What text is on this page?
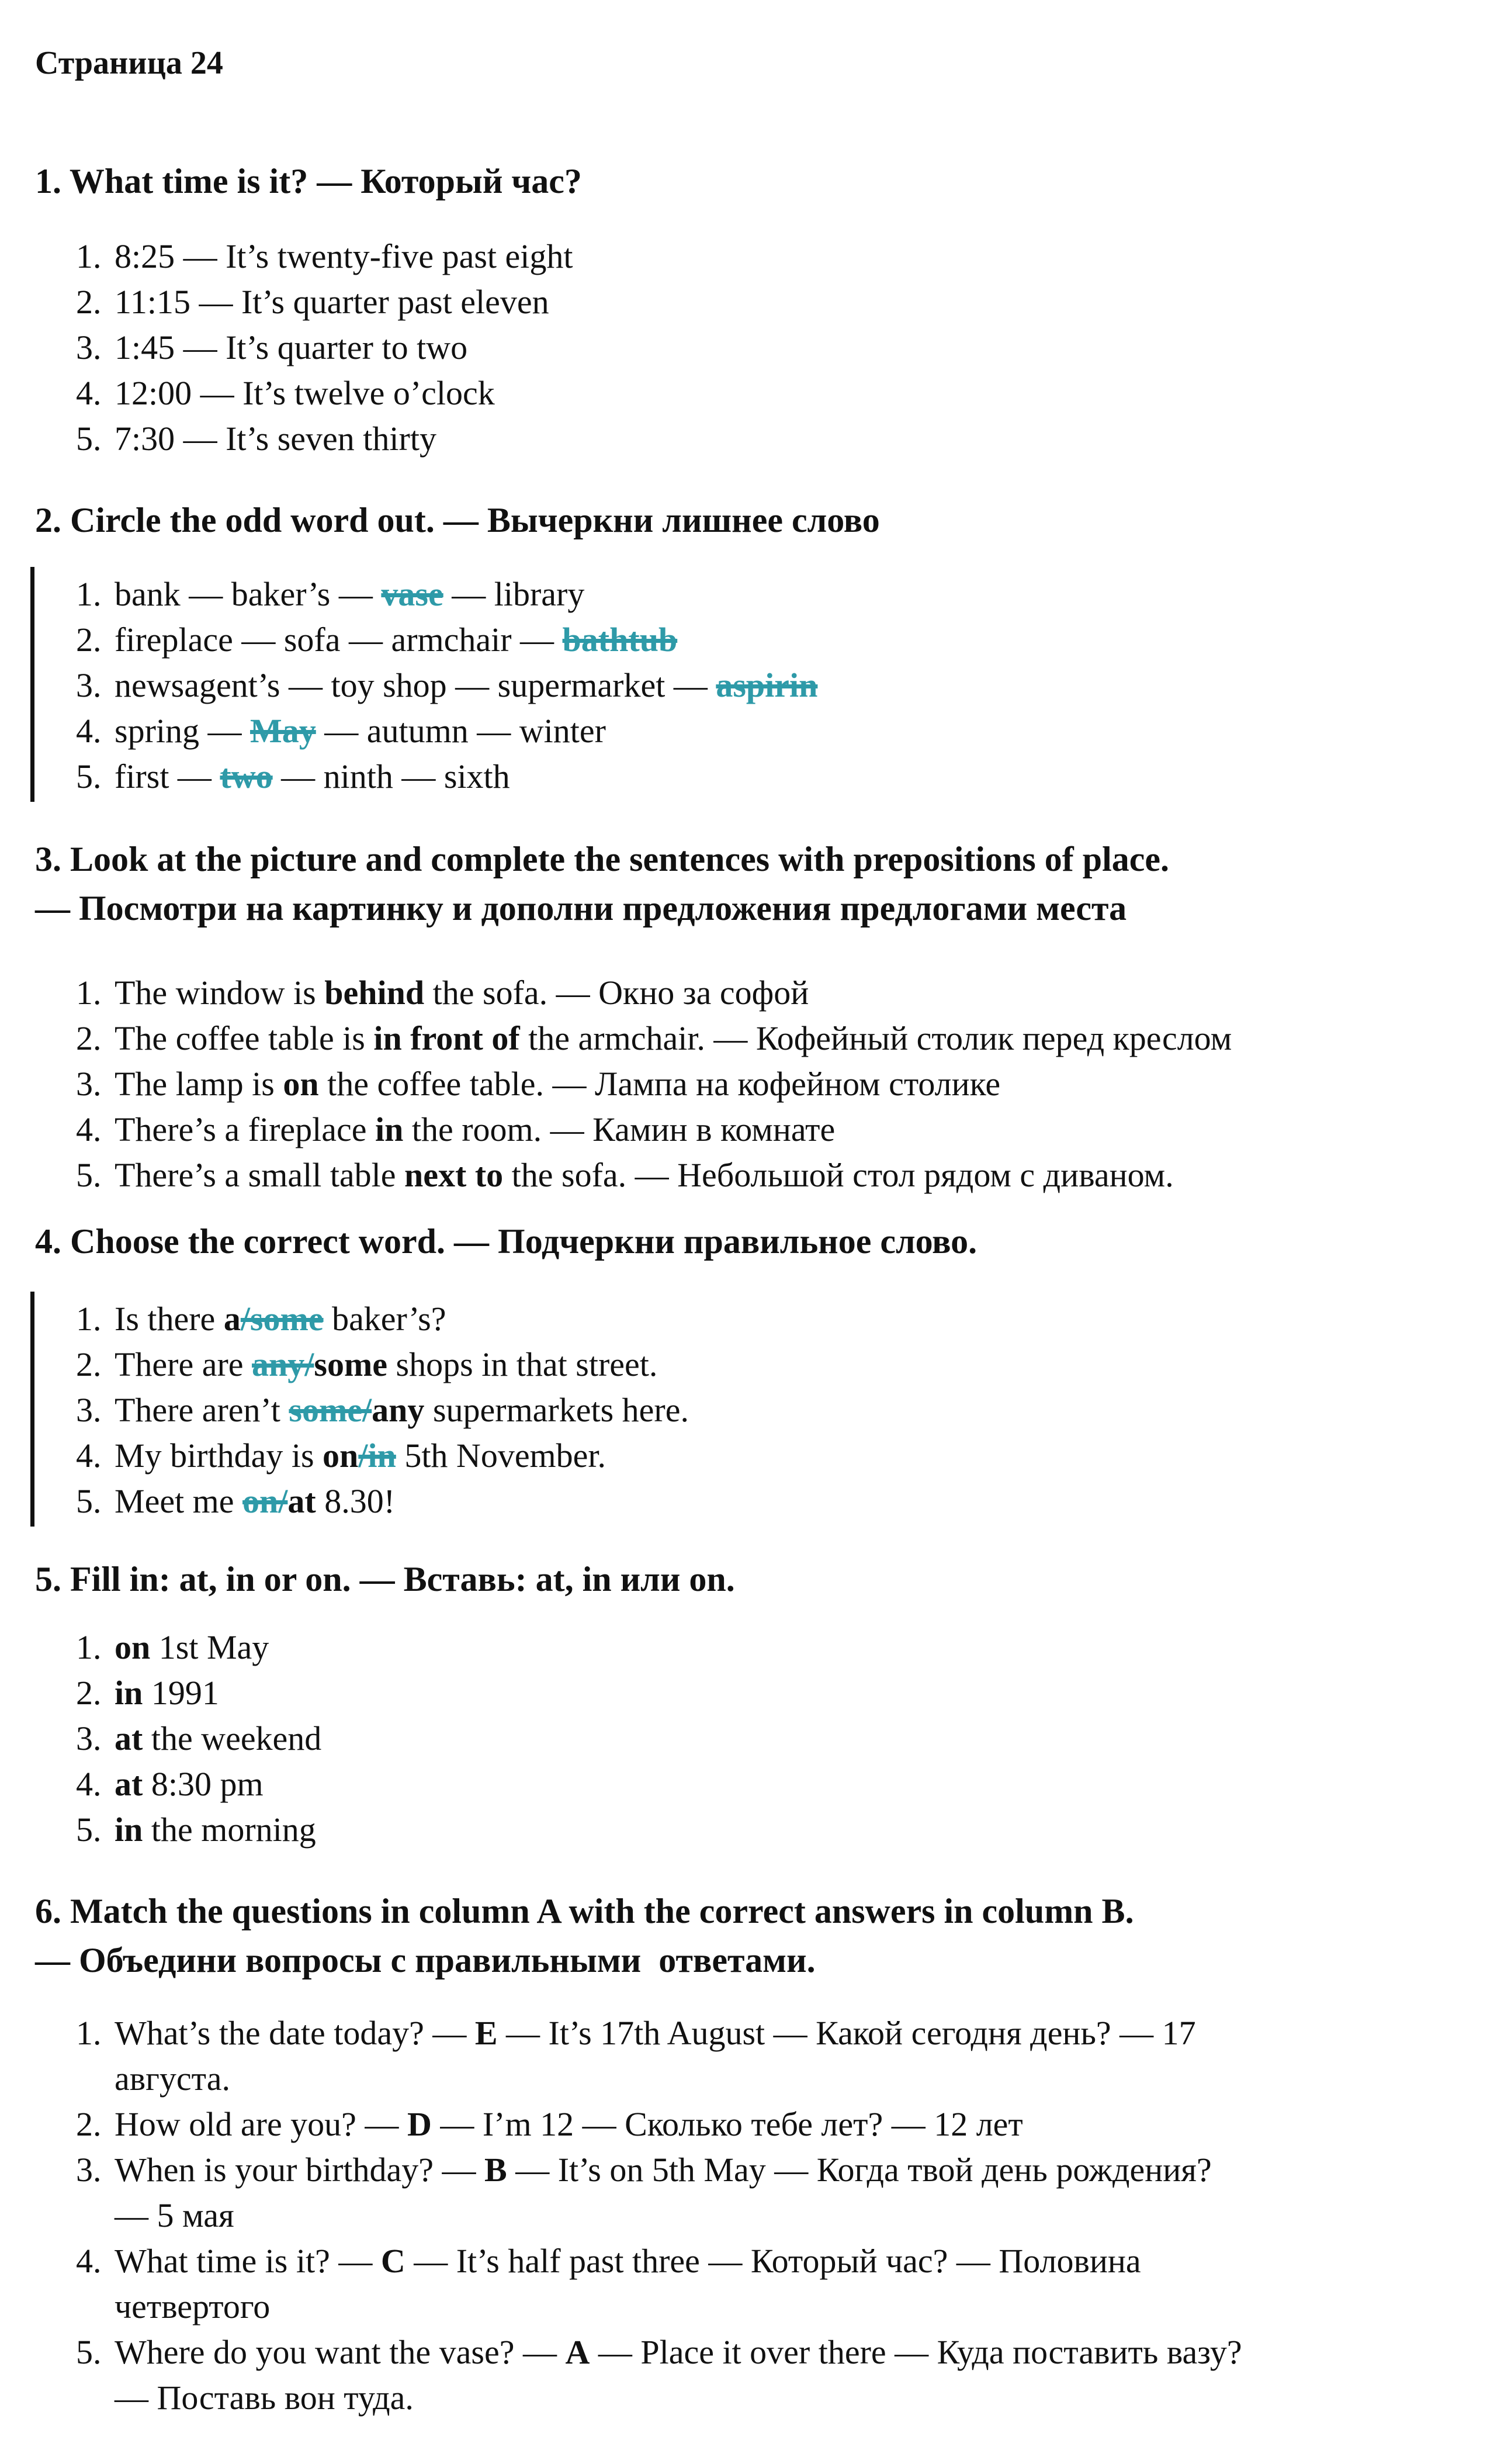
Страница 24
1. What time is it? — Который час?
1. 8:25 — It’s twenty-five past eight
2. 11:15 — It’s quarter past eleven
3. 1:45 — It’s quarter to two
4. 12:00 — It’s twelve o’clock
5. 7:30 — It’s seven thirty
2. Circle the odd word out. — Вычеркни лишнее слово
1. bank — baker’s — vase — library
2. fireplace — sofa — armchair — bathtub
3. newsagent’s — toy shop — supermarket — aspirin
4. spring — May — autumn — winter
5. first — two — ninth — sixth
3. Look at the picture and complete the sentences with prepositions of place.
— Посмотри на картинку и дополни предложения предлогами места
1. The window is behind the sofa. — Окно за софой
2. The coffee table is in front of the armchair. — Кофейный столик перед креслом
3. The lamp is on the coffee table. — Лампа на кофейном столике
4. There’s a fireplace in the room. — Камин в комнате
5. There’s a small table next to the sofa. — Небольшой стол рядом с диваном.
4. Choose the correct word. — Подчеркни правильное слово.
1. Is there a/some baker’s?
2. There are any/some shops in that street.
3. There aren’t some/any supermarkets here.
4. My birthday is on/in 5th November.
5. Meet me on/at 8.30!
5. Fill in: at, in or on. — Вставь: at, in или on.
1. on 1st May
2. in 1991
3. at the weekend
4. at 8:30 pm
5. in the morning
6. Match the questions in column A with the correct answers in column B.
— Объедини вопросы с правильными  ответами.
1. What’s the date today? — E — It’s 17th August — Какой сегодня день? — 17
августа.
2. How old are you? — D — I’m 12 — Сколько тебе лет? — 12 лет
3. When is your birthday? — B — It’s on 5th May — Когда твой день рождения?
— 5 мая
4. What time is it? — C — It’s half past three — Который час? — Половина
четвертого
5. Where do you want the vase? — A — Place it over there — Куда поставить вазу?
— Поставь вон туда.
